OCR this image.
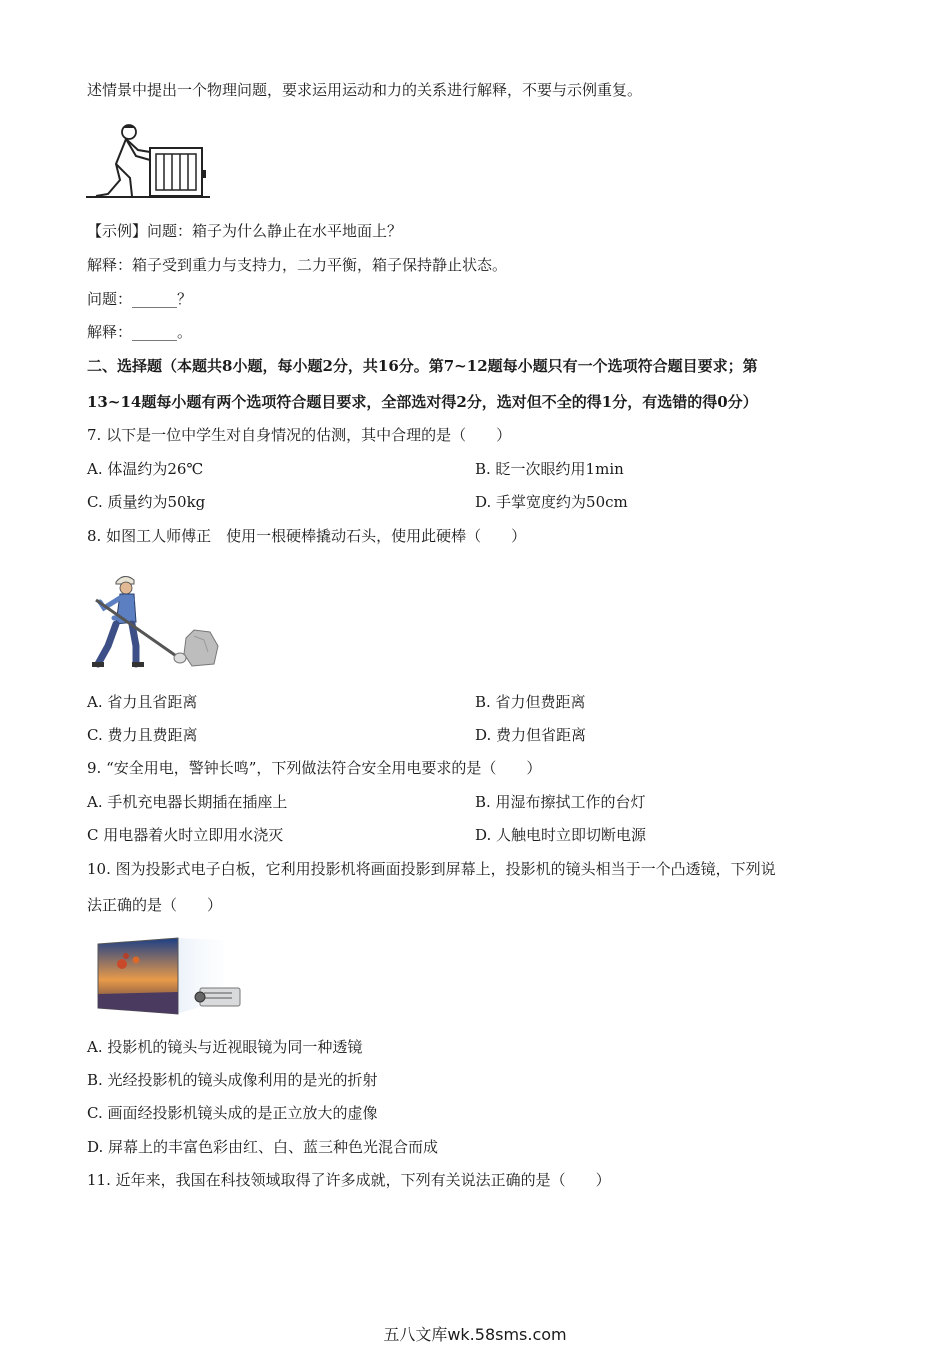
述情景中提出一个物理问题，要求运用运动和力的关系进行解释，不要与示例重复。
【示例】问题：箱子为什么静止在水平地面上？
解释：箱子受到重力与支持力，二力平衡，箱子保持静止状态。
问题：______？
解释：______。
二、选择题（本题共8小题，每小题2分，共16分。第7~12题每小题只有一个选项符合题目要求；第
13~14题每小题有两个选项符合题目要求，全部选对得2分，选对但不全的得1分，有选错的得0分）
7. 以下是一位中学生对自身情况的估测，其中合理的是（　　）
A. 体温约为26℃	B. 眨一次眼约用1min
C. 质量约为50kg	D. 手掌宽度约为50cm
8. 如图工人师傅正　使用一根硬棒撬动石头，使用此硬棒（　　）
A. 省力且省距离	B. 省力但费距离
C. 费力且费距离	D. 费力但省距离
9. “安全用电，警钟长鸣”，下列做法符合安全用电要求的是（　　）
A. 手机充电器长期插在插座上	B. 用湿布擦拭工作的台灯
C 用电器着火时立即用水浇灭	D. 人触电时立即切断电源
10. 图为投影式电子白板，它利用投影机将画面投影到屏幕上，投影机的镜头相当于一个凸透镜，下列说
法正确的是（　　）
A. 投影机的镜头与近视眼镜为同一种透镜
B. 光经投影机的镜头成像利用的是光的折射
C. 画面经投影机镜头成的是正立放大的虚像
D. 屏幕上的丰富色彩由红、白、蓝三种色光混合而成
11. 近年来，我国在科技领域取得了许多成就，下列有关说法正确的是（　　）
五八文库wk.58sms.com
